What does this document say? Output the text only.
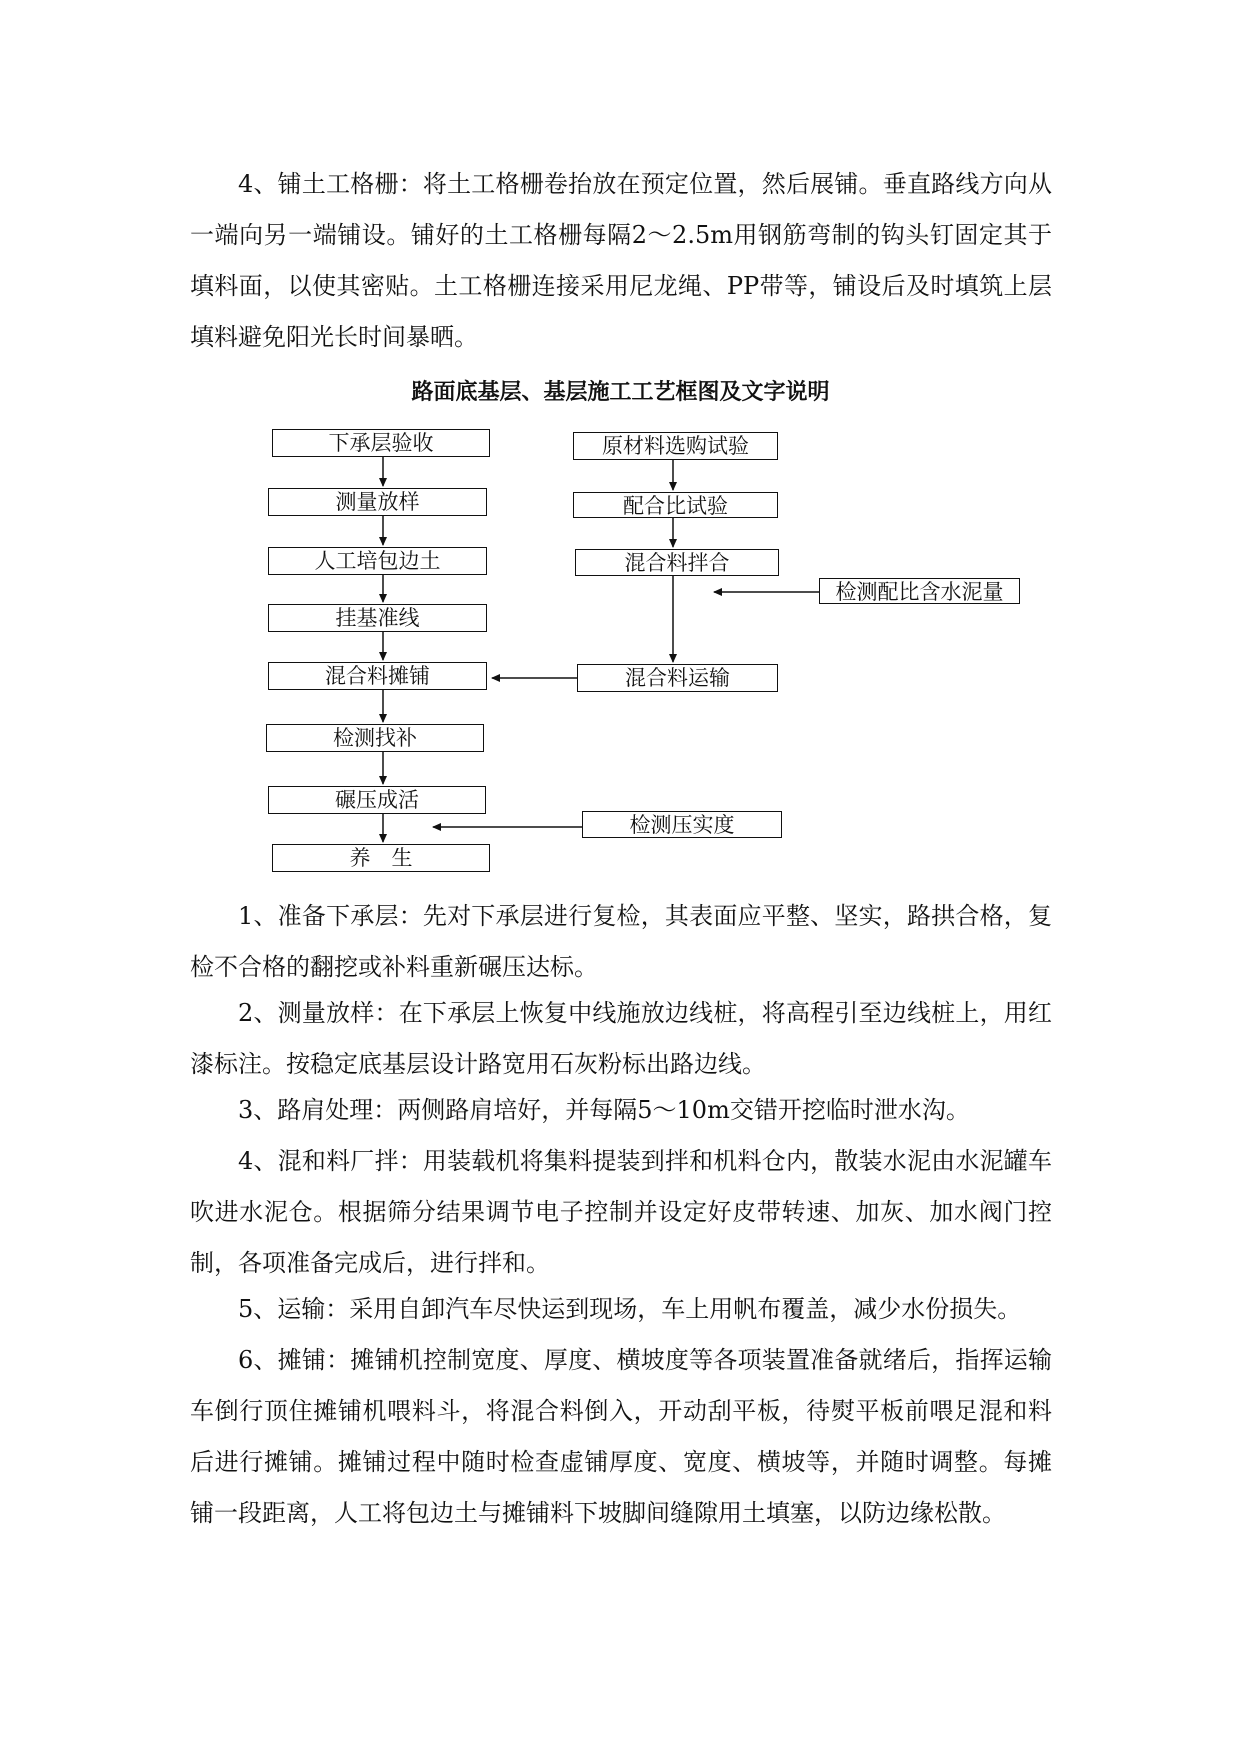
4、铺土工格栅：将土工格栅卷抬放在预定位置，然后展铺。垂直路线方向从一端向另一端铺设。铺好的土工格栅每隔2～2.5m用钢筋弯制的钩头钉固定其于填料面，以使其密贴。土工格栅连接采用尼龙绳、PP带等，铺设后及时填筑上层填料避免阳光长时间暴晒。

路面底基层、基层施工工艺框图及文字说明
下承层验收
测量放样
人工培包边土
挂基准线
混合料摊铺
检测找补
碾压成活
养　生
原材料选购试验
配合比试验
混合料拌合
混合料运输
检测配比含水泥量
检测压实度

1、准备下承层：先对下承层进行复检，其表面应平整、坚实，路拱合格，复检不合格的翻挖或补料重新碾压达标。

2、测量放样：在下承层上恢复中线施放边线桩，将高程引至边线桩上，用红漆标注。按稳定底基层设计路宽用石灰粉标出路边线。

3、路肩处理：两侧路肩培好，并每隔5～10m交错开挖临时泄水沟。

4、混和料厂拌：用装载机将集料提装到拌和机料仓内，散装水泥由水泥罐车吹进水泥仓。根据筛分结果调节电子控制并设定好皮带转速、加灰、加水阀门控制，各项准备完成后，进行拌和。

5、运输：采用自卸汽车尽快运到现场，车上用帆布覆盖，减少水份损失。

6、摊铺：摊铺机控制宽度、厚度、横坡度等各项装置准备就绪后，指挥运输车倒行顶住摊铺机喂料斗，将混合料倒入，开动刮平板，待熨平板前喂足混和料后进行摊铺。摊铺过程中随时检查虚铺厚度、宽度、横坡等，并随时调整。每摊铺一段距离，人工将包边土与摊铺料下坡脚间缝隙用土填塞，以防边缘松散。
